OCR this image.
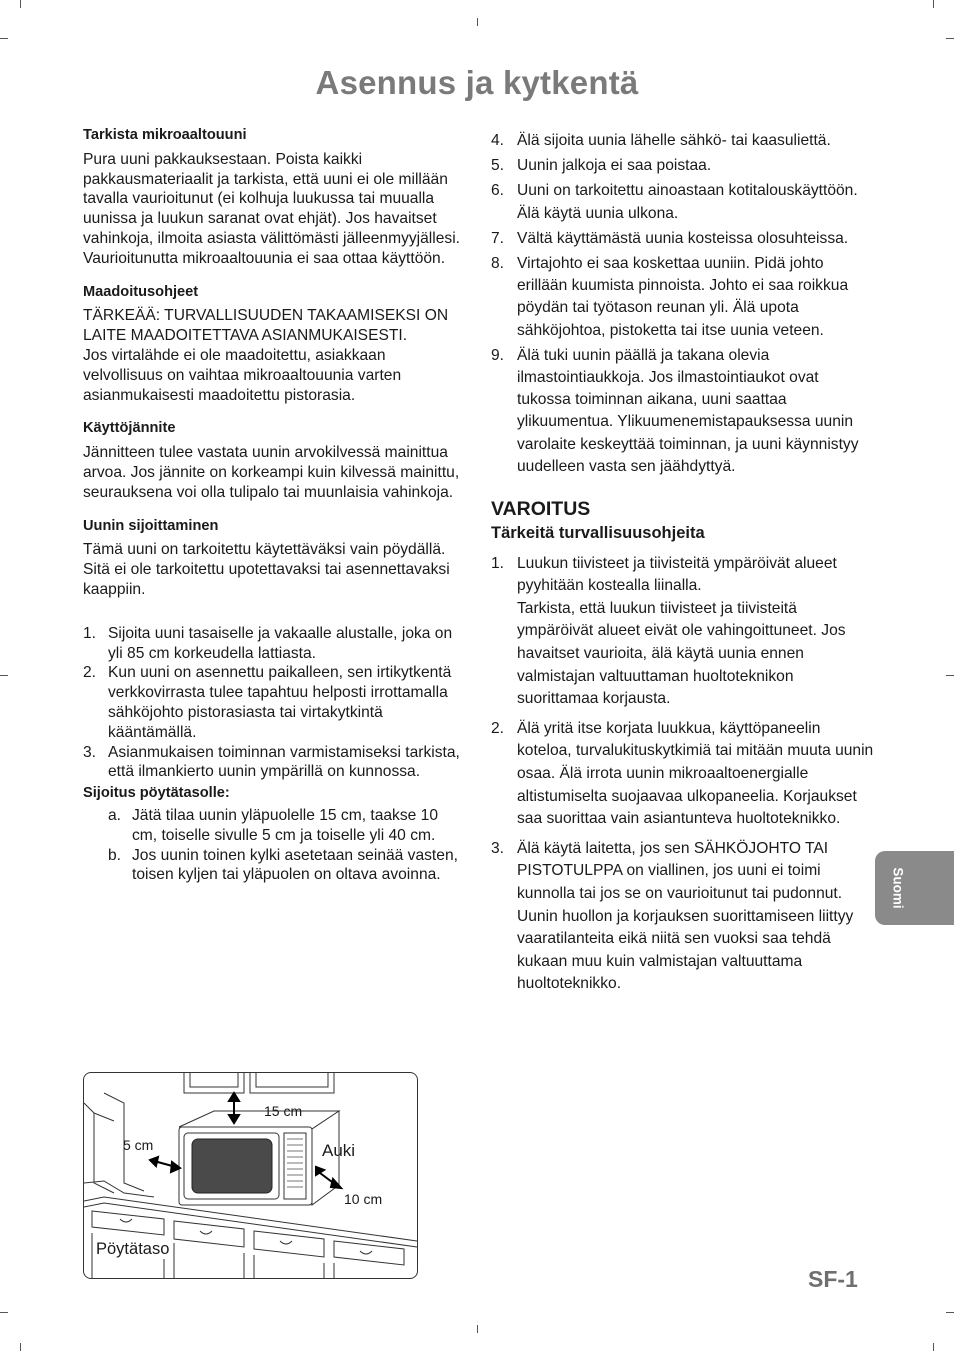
Asennus ja kytkentä
Tarkista mikroaaltouuni
Pura uuni pakkauksestaan. Poista kaikki pakkausmateriaalit ja tarkista, että uuni ei ole millään tavalla vaurioitunut (ei kolhuja luukussa tai muualla uunissa ja luukun saranat ovat ehjät). Jos havaitset vahinkoja, ilmoita asiasta välittömästi jälleenmyyjällesi. Vaurioitunutta mikroaaltouunia ei saa ottaa käyttöön.
Maadoitusohjeet
TÄRKEÄÄ: TURVALLISUUDEN TAKAAMISEKSI ON LAITE MAADOITETTAVA ASIANMUKAISESTI.
Jos virtalähde ei ole maadoitettu, asiakkaan velvollisuus on vaihtaa mikroaaltouunia varten asianmukaisesti maadoitettu pistorasia.
Käyttöjännite
Jännitteen tulee vastata uunin arvokilvessä mainittua arvoa. Jos jännite on korkeampi kuin kilvessä mainittu, seurauksena voi olla tulipalo tai muunlaisia vahinkoja.
Uunin sijoittaminen
Tämä uuni on tarkoitettu käytettäväksi vain pöydällä. Sitä ei ole tarkoitettu upotettavaksi tai asennettavaksi kaappiin.
1. Sijoita uuni tasaiselle ja vakaalle alustalle, joka on yli 85 cm korkeudella lattiasta.
2. Kun uuni on asennettu paikalleen, sen irtikytkentä verkkovirrasta tulee tapahtuu helposti irrottamalla sähköjohto pistorasiasta tai virtakytkintä kääntämällä.
3. Asianmukaisen toiminnan varmistamiseksi tarkista, että ilmankierto uunin ympärillä on kunnossa.
Sijoitus pöytätasolle:
a. Jätä tilaa uunin yläpuolelle 15 cm, taakse 10 cm, toiselle sivulle 5 cm ja toiselle yli 40 cm.
b. Jos uunin toinen kylki asetetaan seinää vasten, toisen kyljen tai yläpuolen on oltava avoinna.
15 cm
5 cm	Auki
10 cm
Pöytätaso
4. Älä sijoita uunia lähelle sähkö- tai kaasuliettä.
5. Uunin jalkoja ei saa poistaa.
6. Uuni on tarkoitettu ainoastaan kotitalouskäyttöön. Älä käytä uunia ulkona.
7. Vältä käyttämästä uunia kosteissa olosuhteissa.
8. Virtajohto ei saa koskettaa uuniin. Pidä johto erillään kuumista pinnoista. Johto ei saa roikkua pöydän tai työtason reunan yli. Älä upota sähköjohtoa, pistoketta tai itse uunia veteen.
9. Älä tuki uunin päällä ja takana olevia ilmastointiaukkoja. Jos ilmastointiaukot ovat tukossa toiminnan aikana, uuni saattaa ylikuumentua. Ylikuumenemistapauksessa uunin varolaite keskeyttää toiminnan, ja uuni käynnistyy uudelleen vasta sen jäähdyttyä.
VAROITUS
Tärkeitä turvallisuusohjeita
1. Luukun tiivisteet ja tiivisteitä ympäröivät alueet pyyhitään kostealla liinalla.
Tarkista, että luukun tiivisteet ja tiivisteitä ympäröivät alueet eivät ole vahingoittuneet. Jos havaitset vaurioita, älä käytä uunia ennen valmistajan valtuuttaman huoltoteknikon suorittamaa korjausta.
2. Älä yritä itse korjata luukkua, käyttöpaneelin koteloa, turvalukituskytkimiä tai mitään muuta uunin osaa. Älä irrota uunin mikroaaltoenergialle altistumiselta suojaavaa ulkopaneelia. Korjaukset saa suorittaa vain asiantunteva huoltoteknikko.
3. Älä käytä laitetta, jos sen SÄHKÖJOHTO TAI PISTOTULPPA on viallinen, jos uuni ei toimi kunnolla tai jos se on vaurioitunut tai pudonnut. Uunin huollon ja korjauksen suorittamiseen liittyy vaaratilanteita eikä niitä sen vuoksi saa tehdä kukaan muu kuin valmistajan valtuuttama huoltoteknikko.
Suomi
SF-1
